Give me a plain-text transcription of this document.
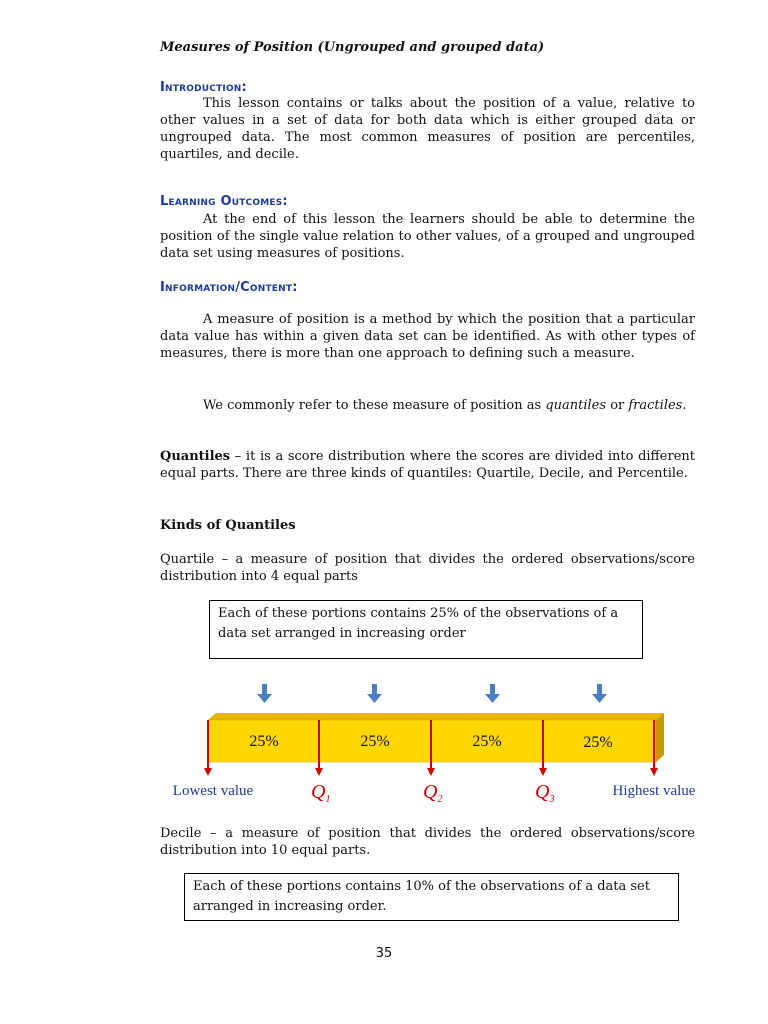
Measures of Position (Ungrouped and grouped data)

Introduction:

This lesson contains or talks about the position of a value, relative to other values in a set of data for both data which is either grouped data or ungrouped data. The most common measures of position are percentiles, quartiles, and decile.

Learning Outcomes:

At the end of this lesson the learners should be able to determine the position of the single value relation to other values, of a grouped and ungrouped data set using measures of positions.

Information/Content:

A measure of position is a method by which the position that a particular data value has within a given data set can be identified. As with other types of measures, there is more than one approach to defining such a measure.

We commonly refer to these measure of position as quantiles or fractiles.

Quantiles – it is a score distribution where the scores are divided into different equal parts. There are three kinds of quantiles: Quartile, Decile, and Percentile.

Kinds of Quantiles

Quartile – a measure of position that divides the ordered observations/score distribution into 4 equal parts

Each of these portions contains 25% of the observations of a data set arranged in increasing order

Decile – a measure of position that divides the ordered observations/score distribution into 10 equal parts.

Each of these portions contains 10% of the observations of a data set arranged in increasing order.
25%	25%	25%	25%
Lowest value	Highest value
$Q_1$	$Q_2$	$Q_3$
35
